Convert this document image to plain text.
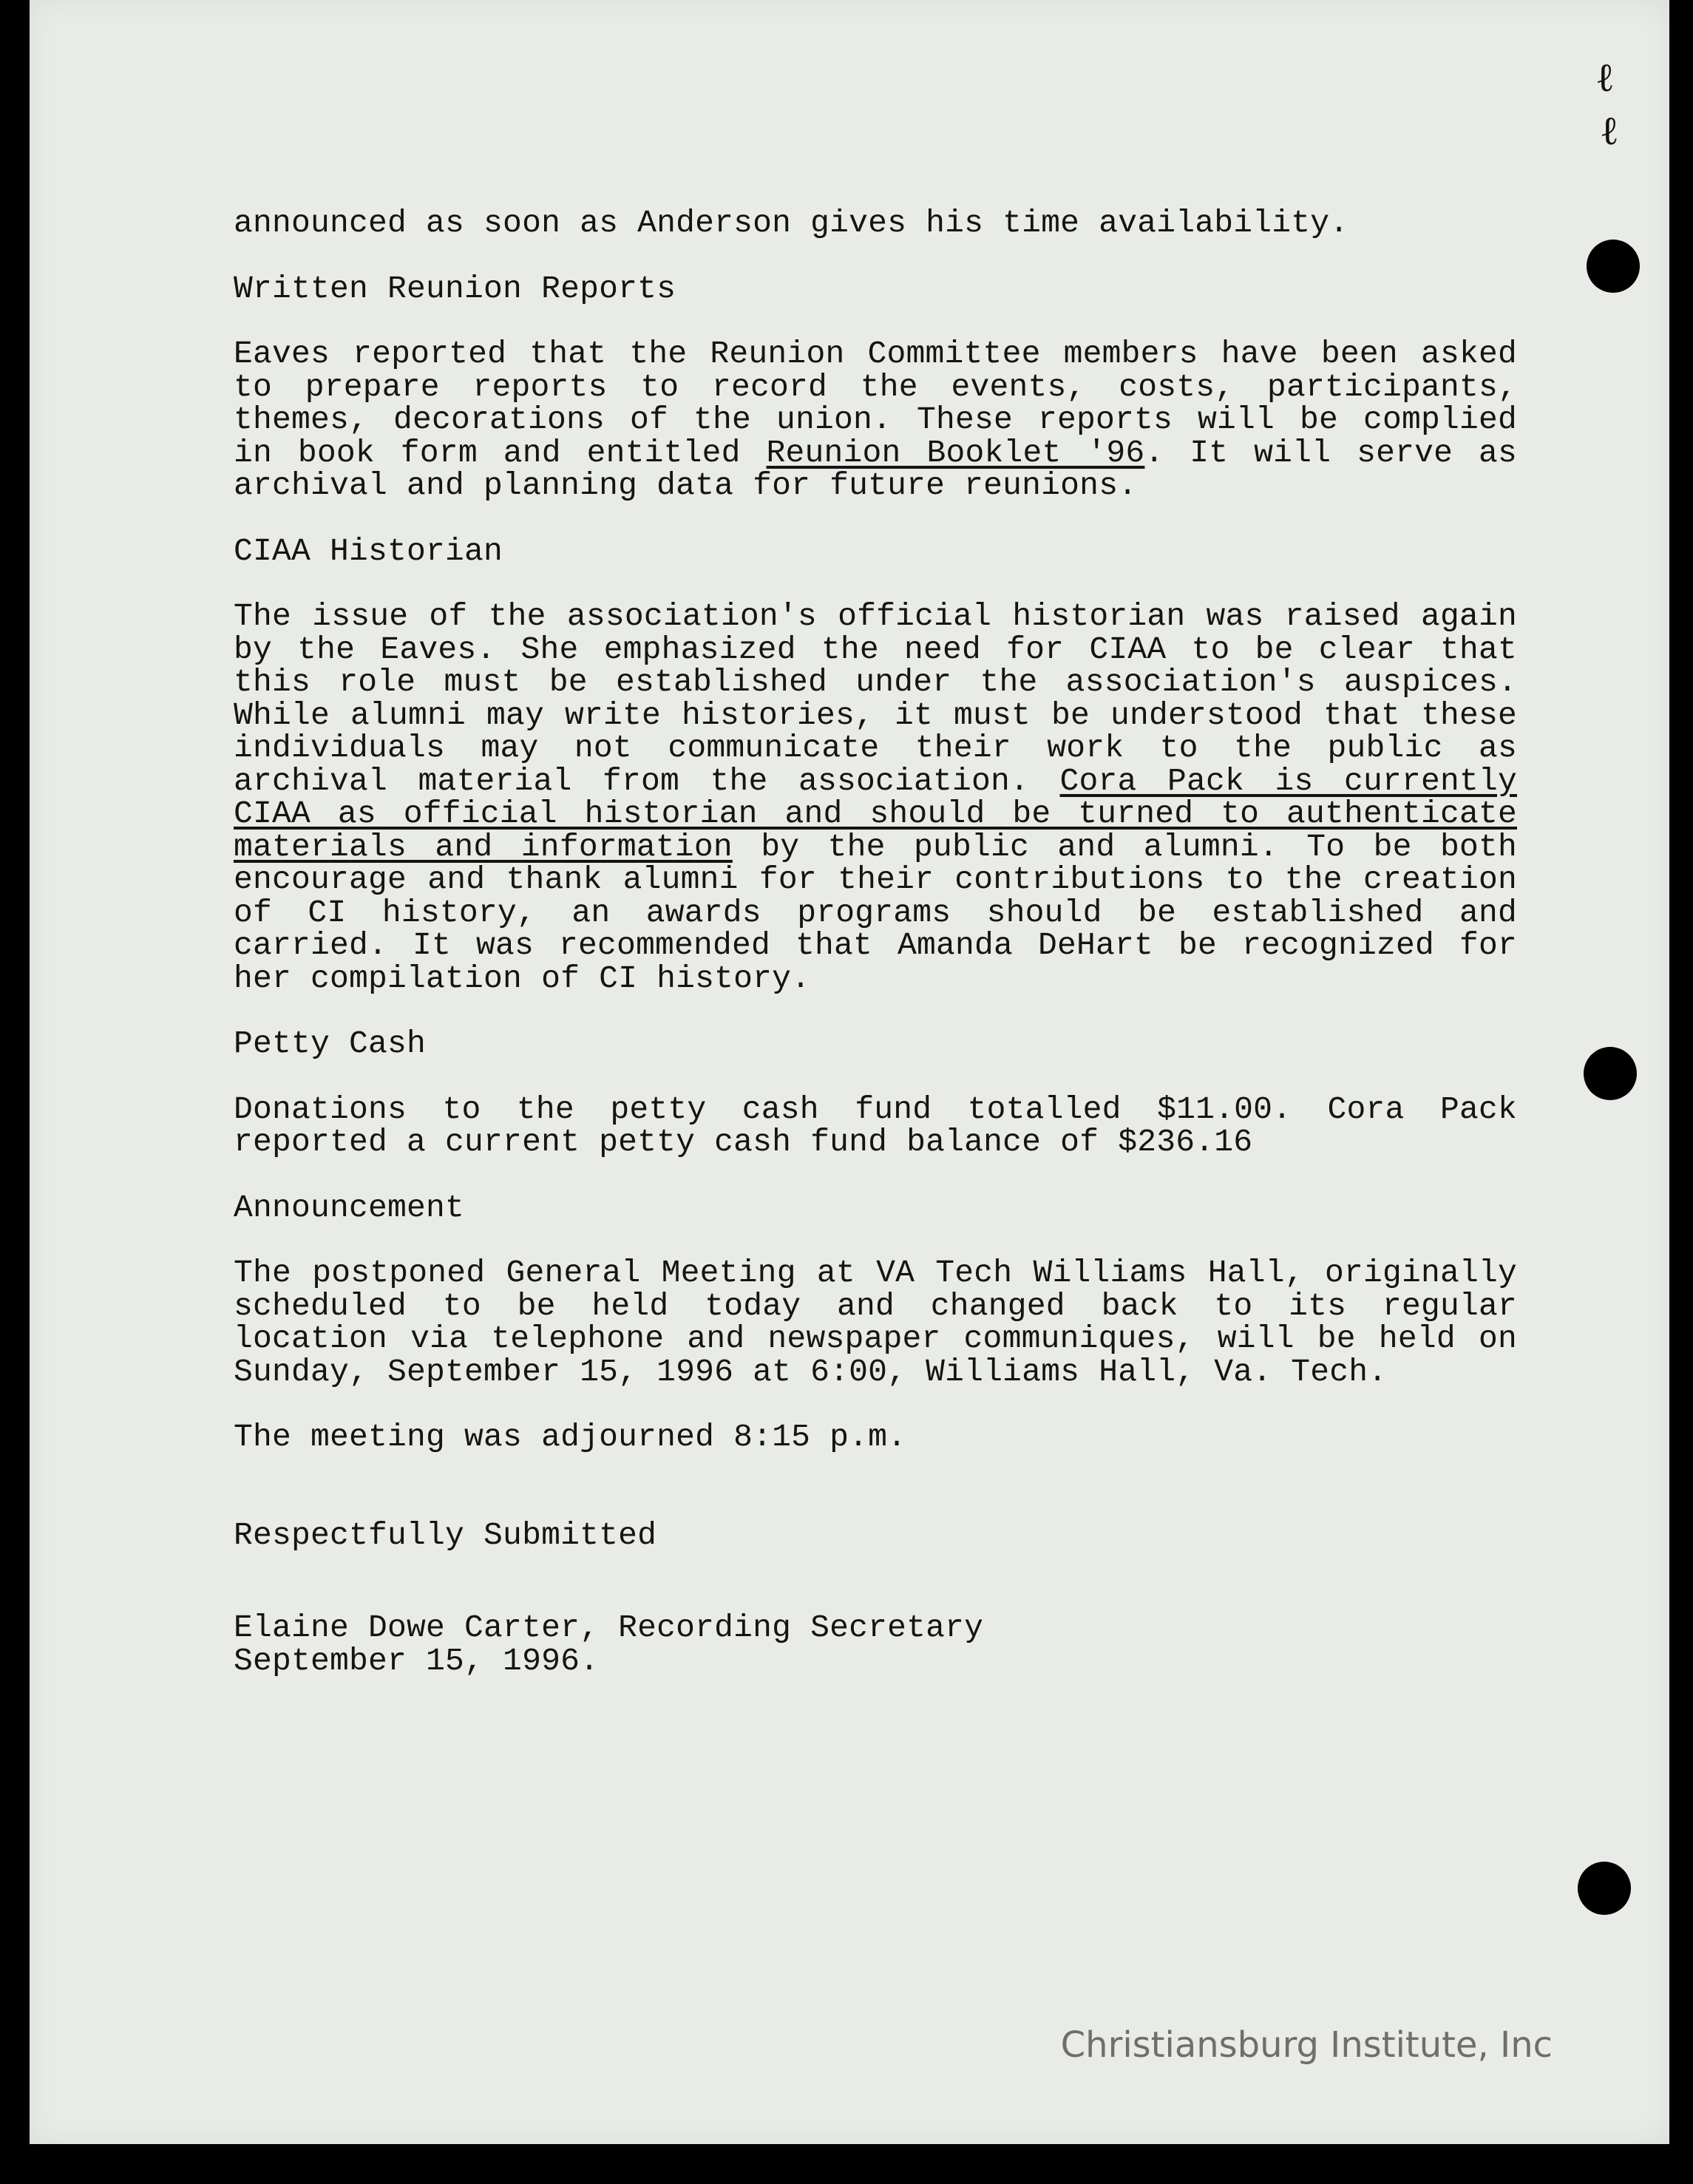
ℓ
ℓ

announced as soon as Anderson gives his time availability.

Written Reunion Reports

Eaves reported that the Reunion Committee members have been asked to prepare reports to record the events, costs, participants, themes, decorations of the union. These reports will be complied in book form and entitled Reunion Booklet '96. It will serve as archival and planning data for future reunions.

CIAA Historian

The issue of the association's official historian was raised again by the Eaves. She emphasized the need for CIAA to be clear that this role must be established under the association's auspices. While alumni may write histories, it must be understood that these individuals may not communicate their work to the public as archival material from the association. Cora Pack is currently CIAA as official historian and should be turned to authenticate materials and information by the public and alumni. To be both encourage and thank alumni for their contributions to the creation of CI history, an awards programs should be established and carried. It was recommended that Amanda DeHart be recognized for her compilation of CI history.

Petty Cash

Donations to the petty cash fund totalled $11.00. Cora Pack reported a current petty cash fund balance of $236.16

Announcement

The postponed General Meeting at VA Tech Williams Hall, originally scheduled to be held today and changed back to its regular location via telephone and newspaper communiques, will be held on Sunday, September 15, 1996 at 6:00, Williams Hall, Va. Tech.

The meeting was adjourned 8:15 p.m.

Respectfully Submitted

Elaine Dowe Carter, Recording Secretary

September 15, 1996.

Christiansburg Institute, Inc
